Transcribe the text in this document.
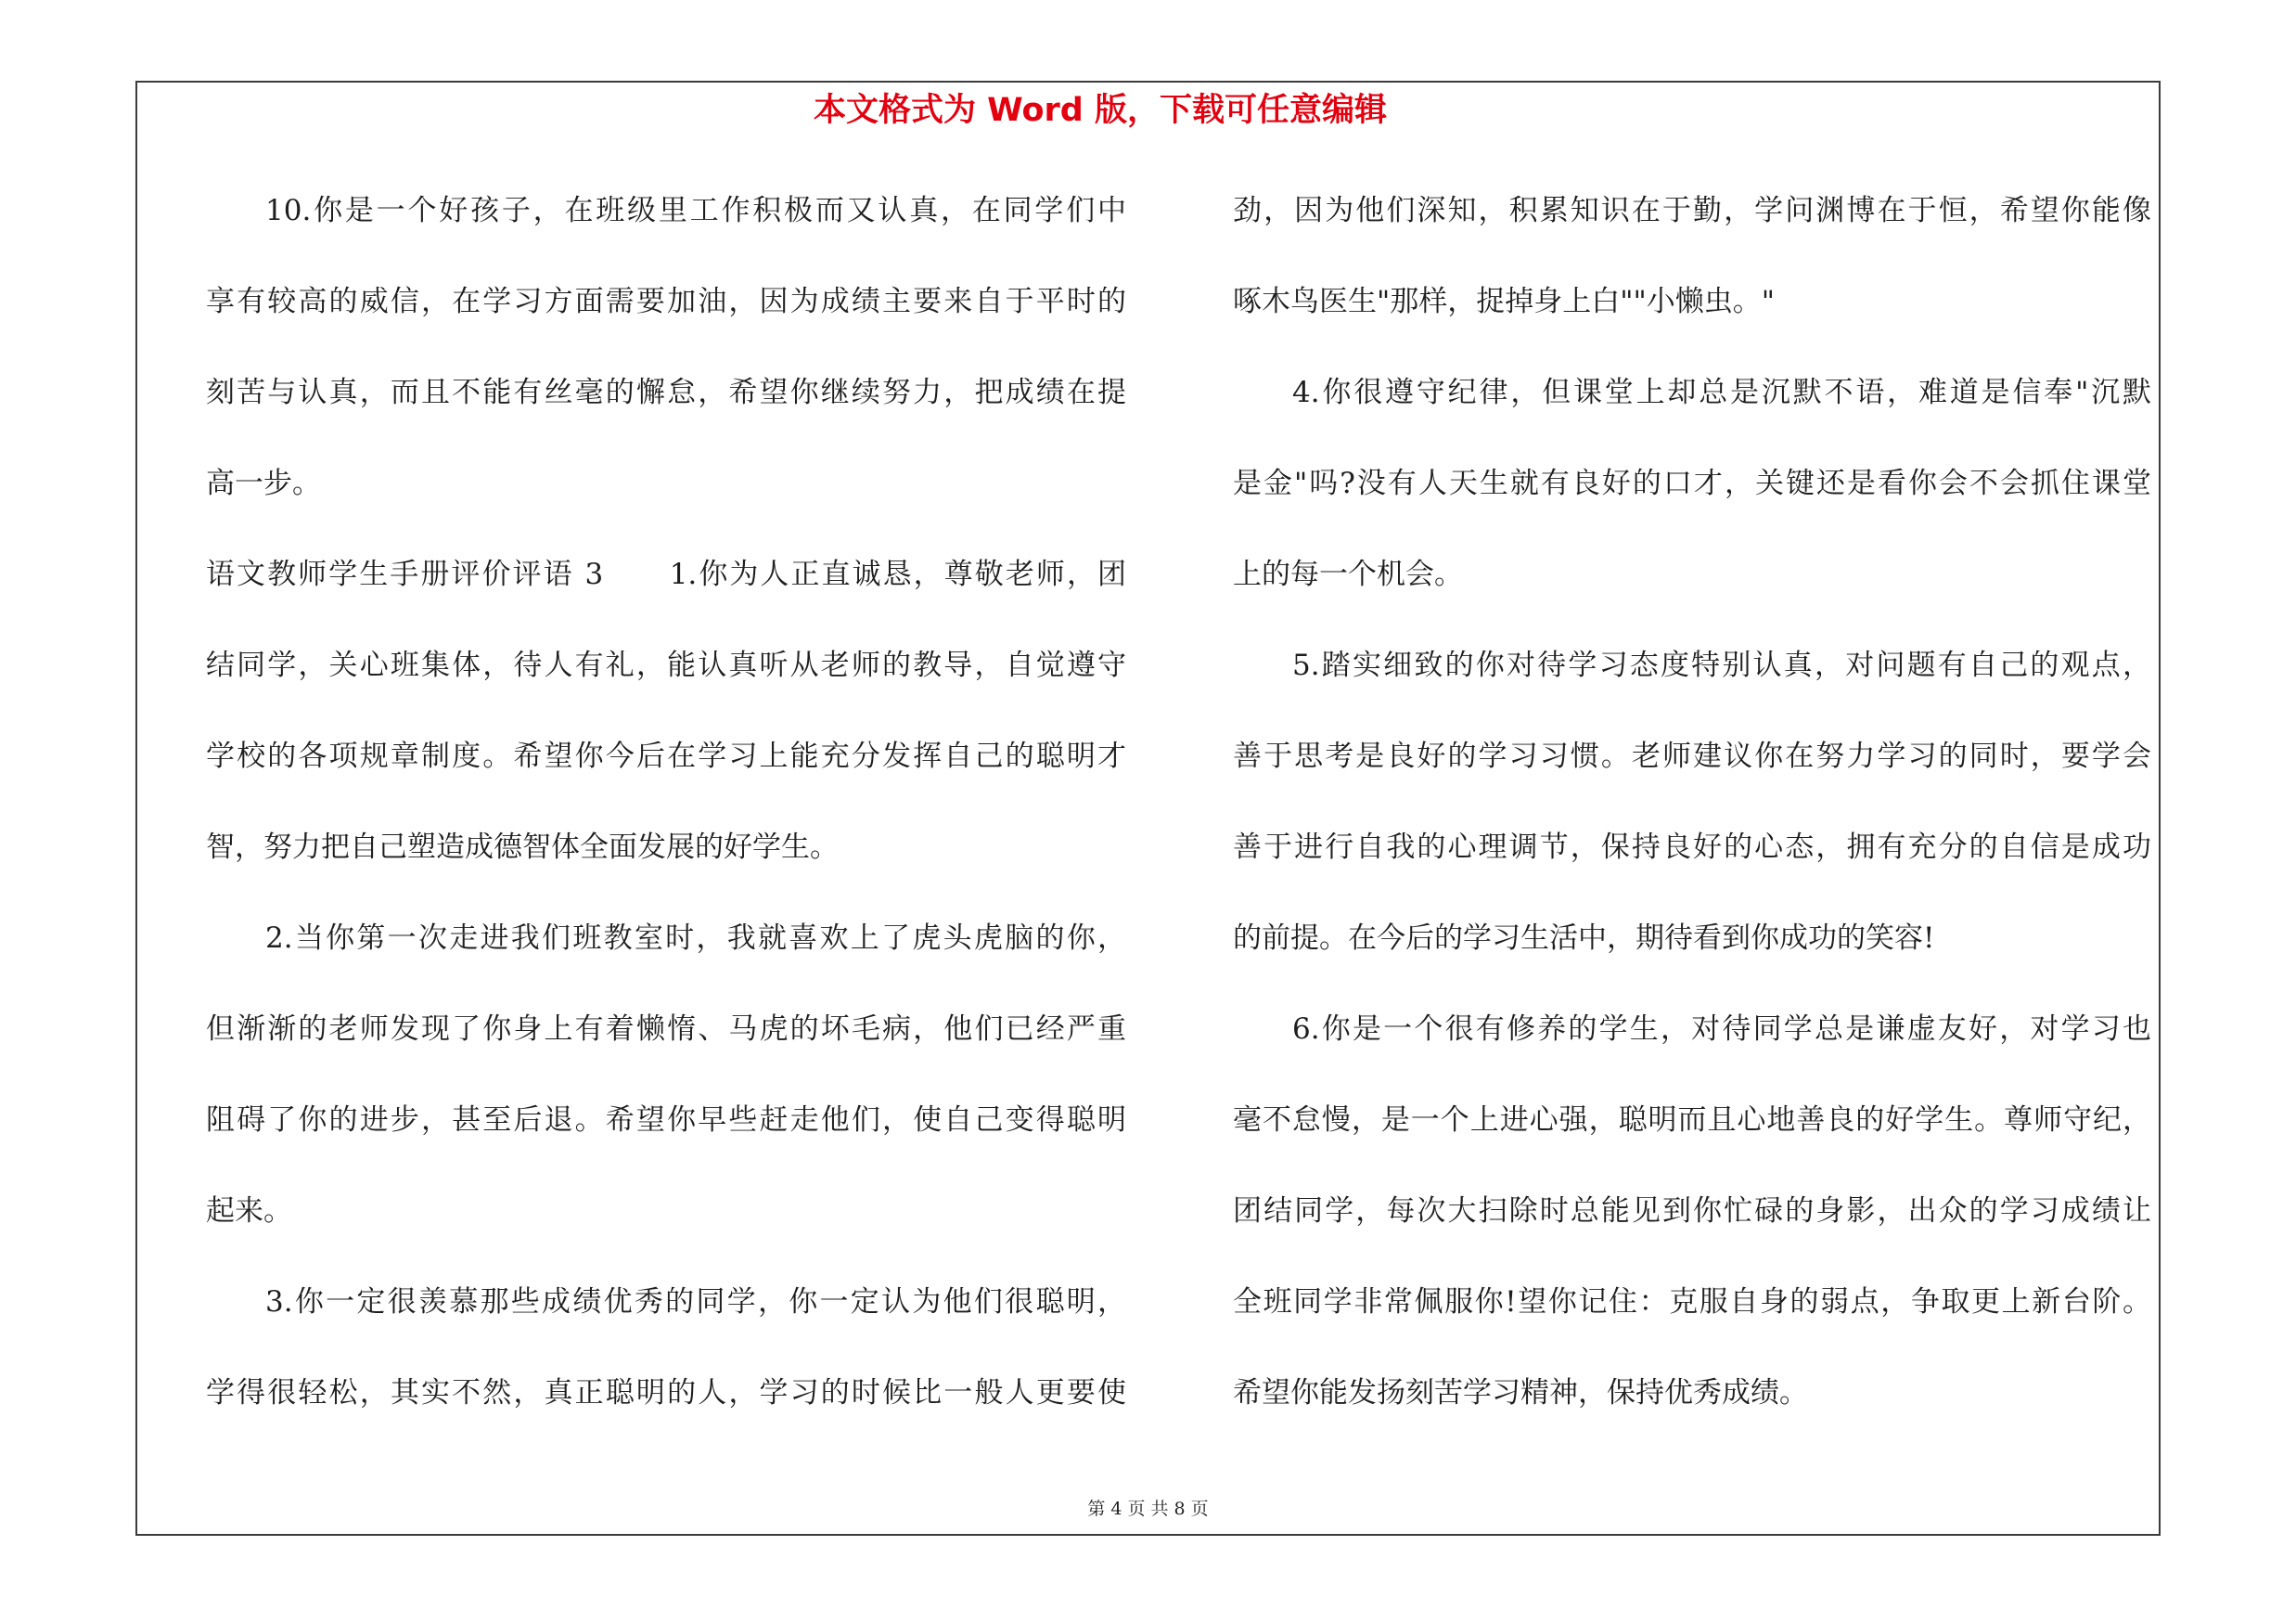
本文格式为 Word 版，下载可任意编辑
10.你是一个好孩子，在班级里工作积极而又认真，在同学们中
享有较高的威信，在学习方面需要加油，因为成绩主要来自于平时的
刻苦与认真，而且不能有丝毫的懈怠，希望你继续努力，把成绩在提
高一步。
语文教师学生手册评价评语 3      1.你为人正直诚恳，尊敬老师，团
结同学，关心班集体，待人有礼，能认真听从老师的教导，自觉遵守
学校的各项规章制度。希望你今后在学习上能充分发挥自己的聪明才
智，努力把自己塑造成德智体全面发展的好学生。
2.当你第一次走进我们班教室时，我就喜欢上了虎头虎脑的你，
但渐渐的老师发现了你身上有着懒惰、马虎的坏毛病，他们已经严重
阻碍了你的进步，甚至后退。希望你早些赶走他们，使自己变得聪明
起来。
3.你一定很羡慕那些成绩优秀的同学，你一定认为他们很聪明，
学得很轻松，其实不然，真正聪明的人，学习的时候比一般人更要使
劲，因为他们深知，积累知识在于勤，学问渊博在于恒，希望你能像
啄木鸟医生"那样，捉掉身上白""小懒虫。"
4.你很遵守纪律，但课堂上却总是沉默不语，难道是信奉"沉默
是金"吗?没有人天生就有良好的口才，关键还是看你会不会抓住课堂
上的每一个机会。
5.踏实细致的你对待学习态度特别认真，对问题有自己的观点，
善于思考是良好的学习习惯。老师建议你在努力学习的同时，要学会
善于进行自我的心理调节，保持良好的心态，拥有充分的自信是成功
的前提。在今后的学习生活中，期待看到你成功的笑容!
6.你是一个很有修养的学生，对待同学总是谦虚友好，对学习也
毫不怠慢，是一个上进心强，聪明而且心地善良的好学生。尊师守纪，
团结同学，每次大扫除时总能见到你忙碌的身影，出众的学习成绩让
全班同学非常佩服你!望你记住：克服自身的弱点，争取更上新台阶。
希望你能发扬刻苦学习精神，保持优秀成绩。
第 4 页 共 8 页
